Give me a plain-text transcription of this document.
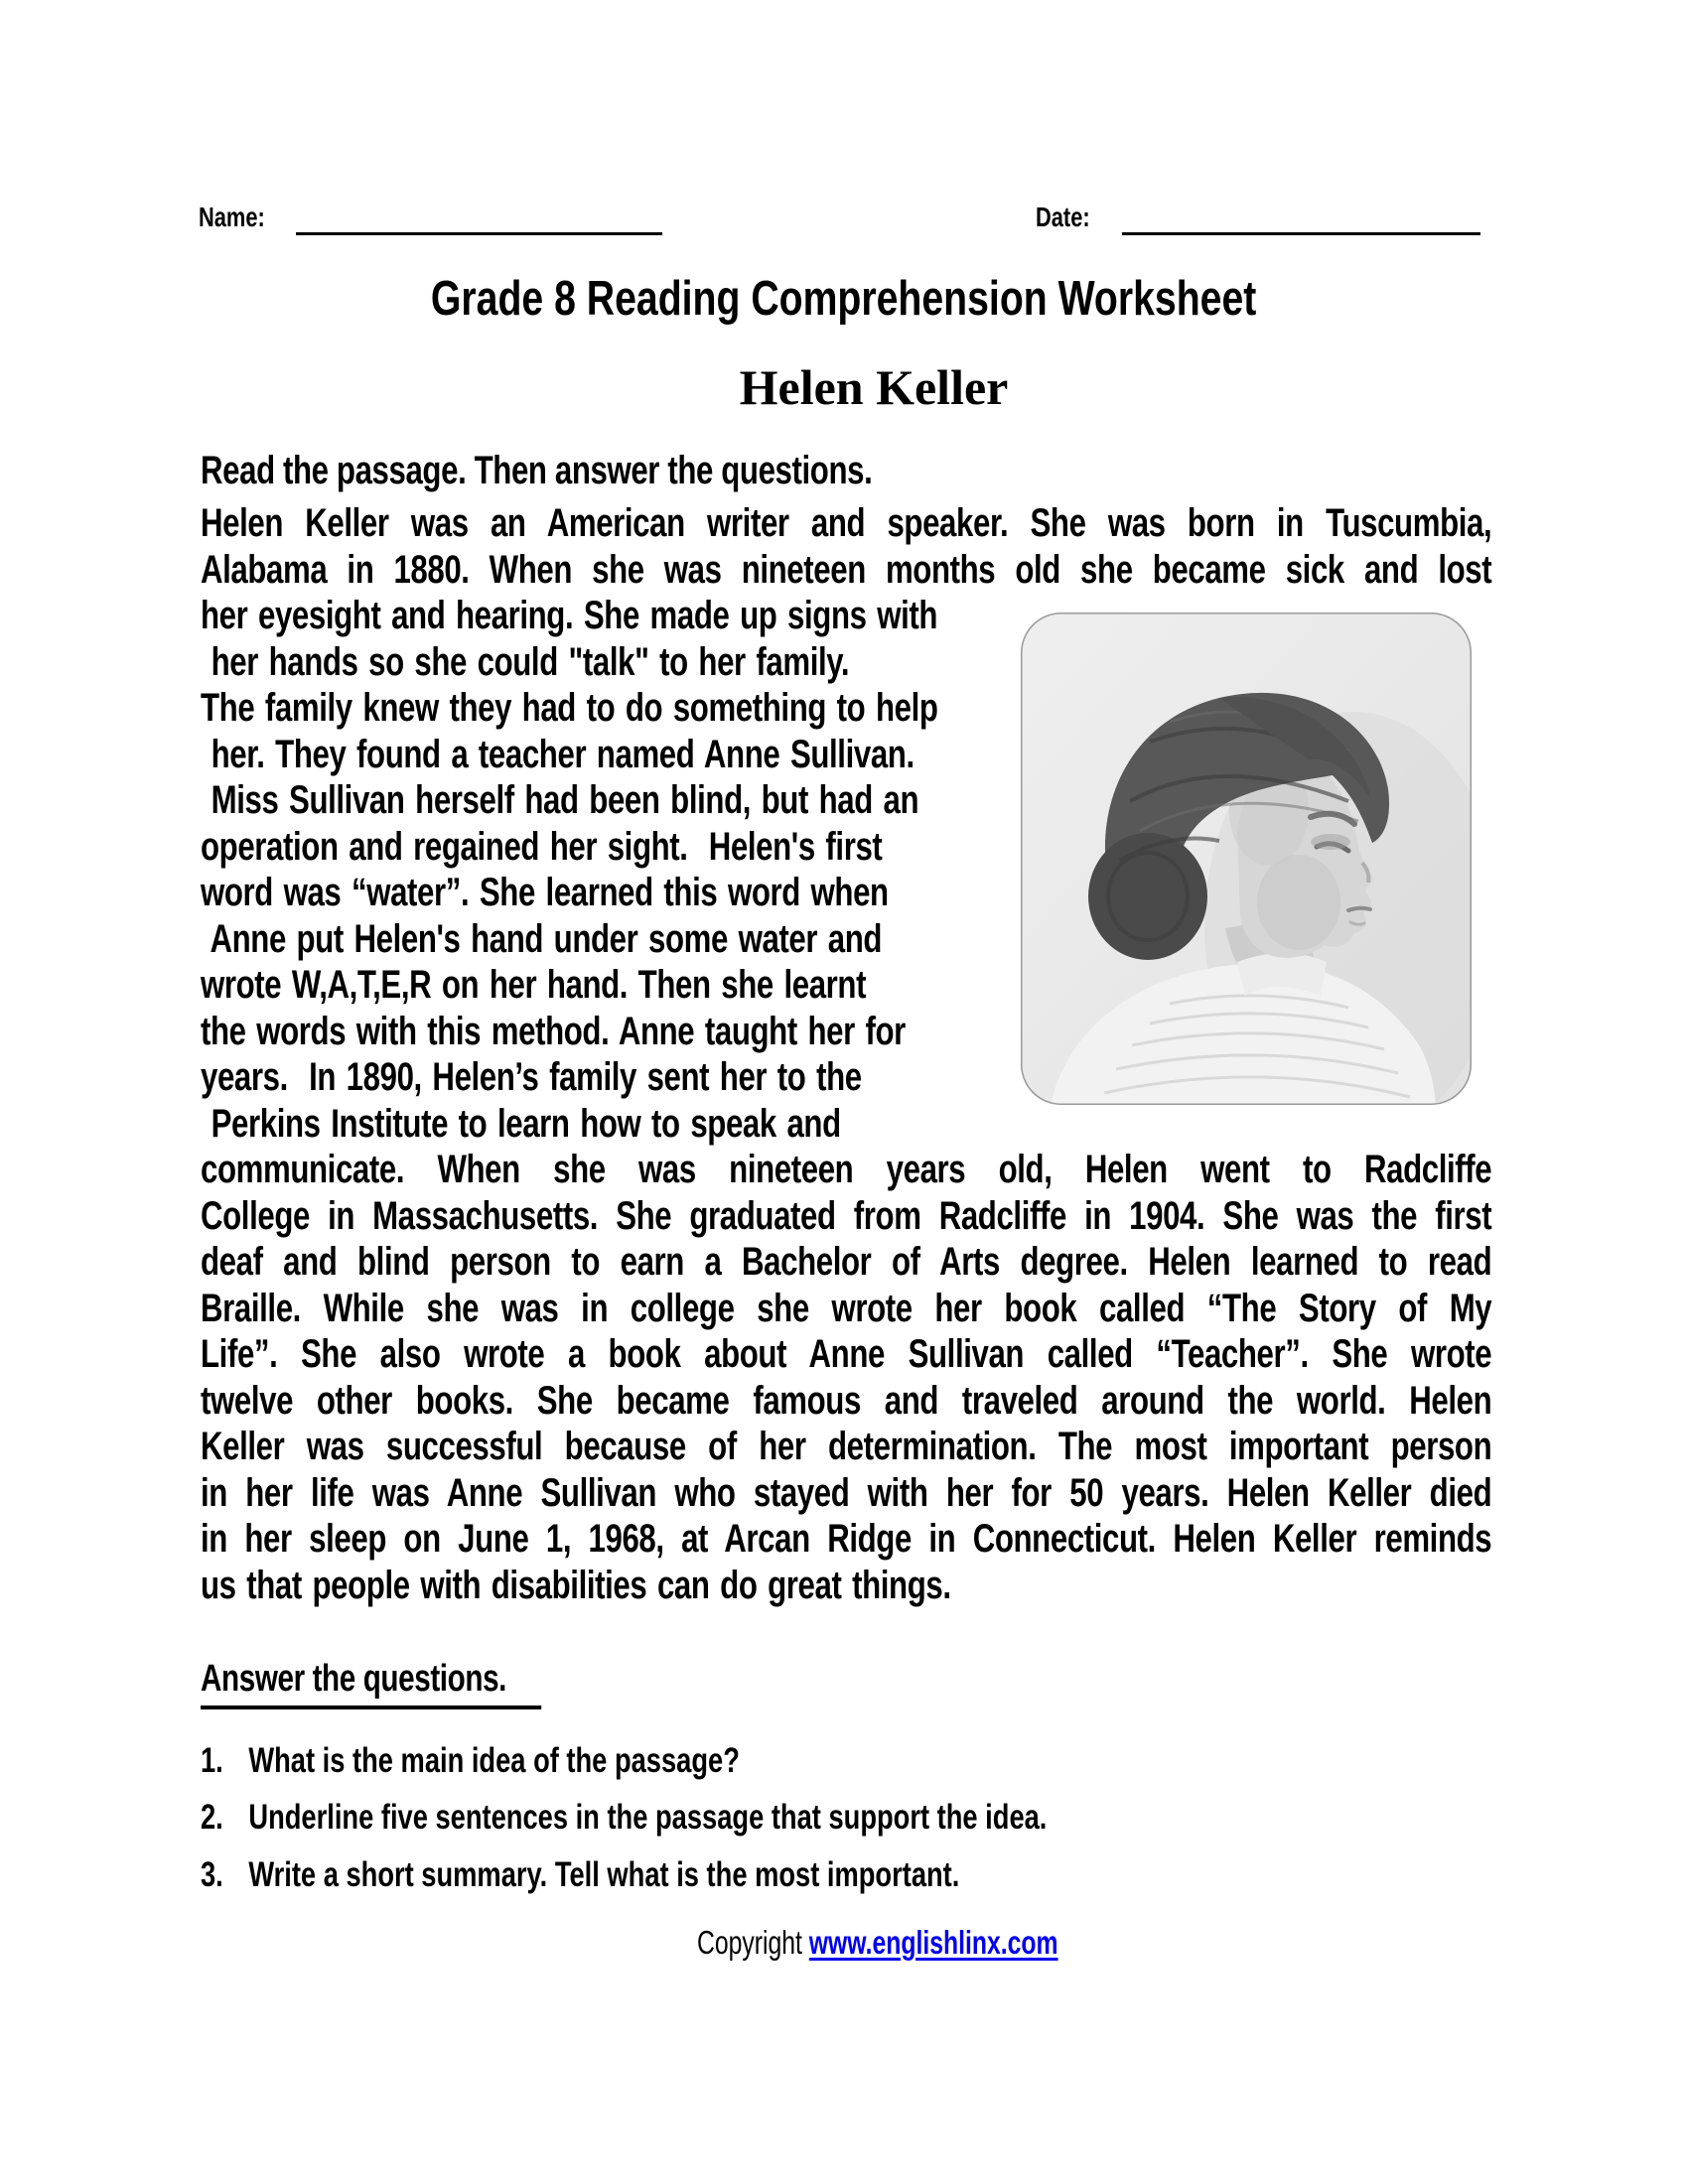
Name:	Date:
Grade 8 Reading Comprehension Worksheet
Helen Keller
Read the passage. Then answer the questions.
Helen Keller was an American writer and speaker. She was born in Tuscumbia,
Alabama in 1880. When she was nineteen months old she became sick and lost
her eyesight and hearing. She made up signs with
her hands so she could "talk" to her family.
The family knew they had to do something to help
her. They found a teacher named Anne Sullivan.
Miss Sullivan herself had been blind, but had an
operation and regained her sight.  Helen's first
word was “water”. She learned this word when
Anne put Helen's hand under some water and
wrote W,A,T,E,R on her hand. Then she learnt
the words with this method. Anne taught her for
years.  In 1890, Helen’s family sent her to the
Perkins Institute to learn how to speak and
communicate. When she was nineteen years old, Helen went to Radcliffe
College in Massachusetts. She graduated from Radcliffe in 1904. She was the first
deaf and blind person to earn a Bachelor of Arts degree. Helen learned to read
Braille. While she was in college she wrote her book called “The Story of My
Life”. She also wrote a book about Anne Sullivan called “Teacher”. She wrote
twelve other books. She became famous and traveled around the world. Helen
Keller was successful because of her determination. The most important person
in her life was Anne Sullivan who stayed with her for 50 years. Helen Keller died
in her sleep on June 1, 1968, at Arcan Ridge in Connecticut. Helen Keller reminds
us that people with disabilities can do great things.
Answer the questions.
1. What is the main idea of the passage?
2. Underline five sentences in the passage that support the idea.
3. Write a short summary. Tell what is the most important.
Copyright www.englishlinx.com
